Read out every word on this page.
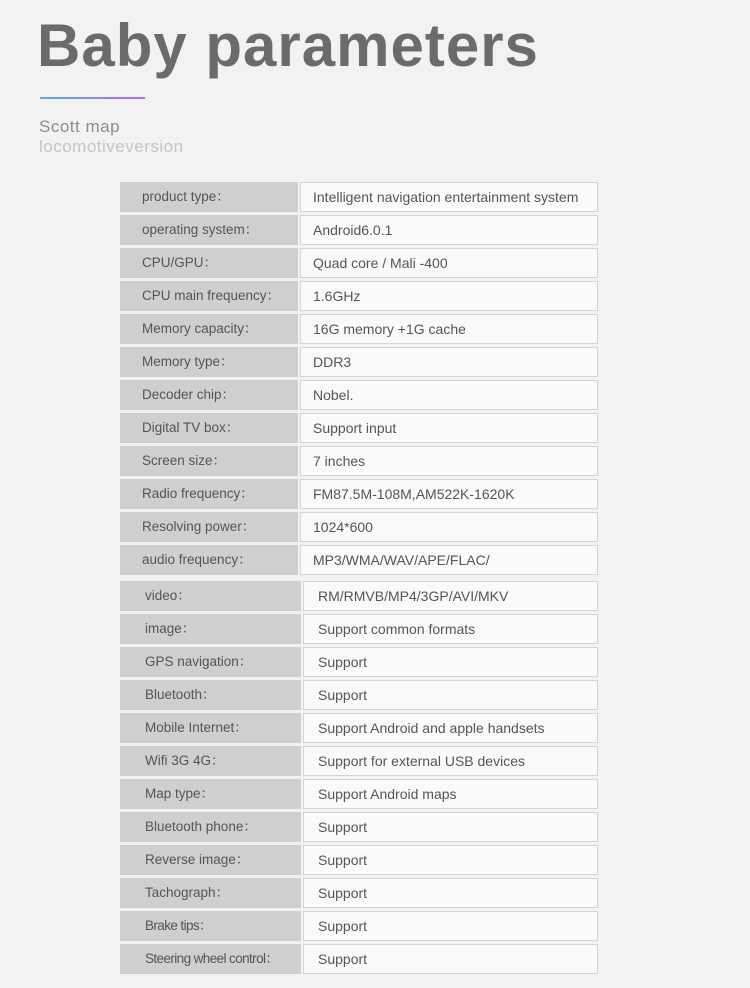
Baby parameters
Scott map
locomotiveversion
product type：	Intelligent navigation entertainment system
operating system：	Android6.0.1
CPU/GPU：	Quad core / Mali -400
CPU main frequency：	1.6GHz
Memory capacity：	16G memory +1G cache
Memory type：	DDR3
Decoder chip：	Nobel.
Digital TV box：	Support input
Screen size：	7 inches
Radio frequency：	FM87.5M-108M,AM522K-1620K
Resolving power：	1024*600
audio frequency：	MP3/WMA/WAV/APE/FLAC/
video：	RM/RMVB/MP4/3GP/AVI/MKV
image：	Support common formats
GPS navigation：	Support
Bluetooth：	Support
Mobile Internet：	Support Android and apple handsets
Wifi 3G 4G：	Support for external USB devices
Map type：	Support Android maps
Bluetooth phone：	Support
Reverse image：	Support
Tachograph：	Support
Brake tips：	Support
Steering wheel control：	Support
